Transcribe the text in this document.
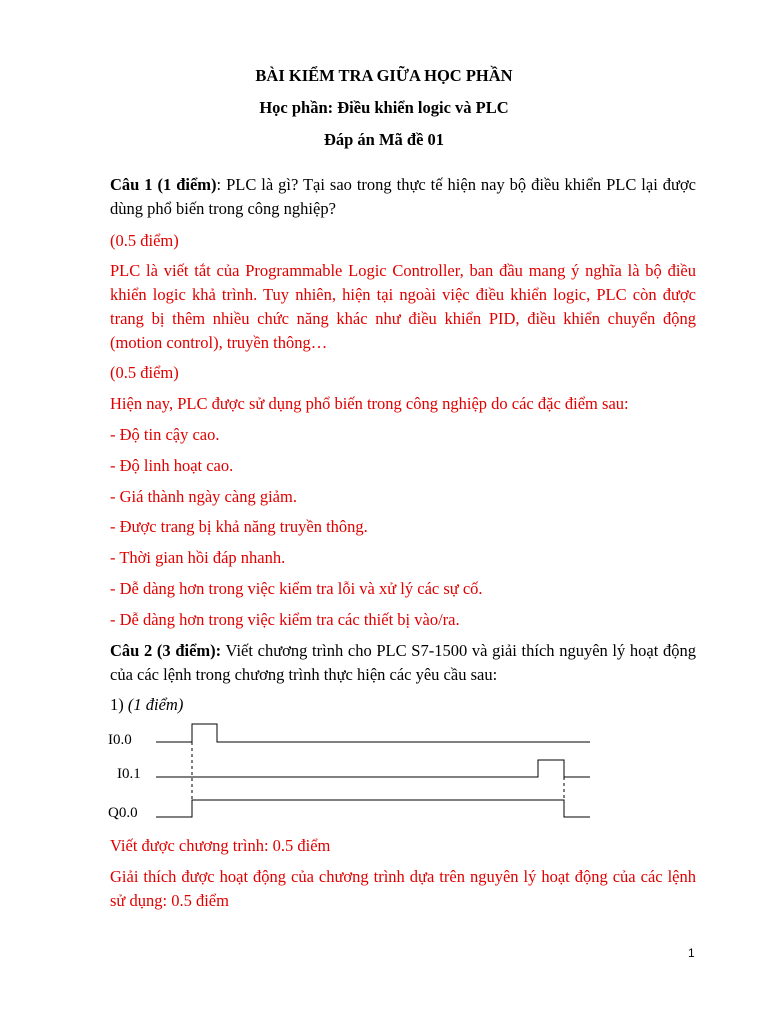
BÀI KIỂM TRA GIỮA HỌC PHẦN
Học phần: Điều khiển logic và PLC
Đáp án Mã đề 01
Câu 1 (1 điểm): PLC là gì? Tại sao trong thực tế hiện nay bộ điều khiển PLC lại được dùng phổ biến trong công nghiệp?
(0.5 điểm)
PLC là viết tắt của Programmable Logic Controller, ban đầu mang ý nghĩa là bộ điều khiển logic khả trình. Tuy nhiên, hiện tại ngoài việc điều khiển logic, PLC còn được trang bị thêm nhiều chức năng khác như điều khiển PID, điều khiển chuyển động (motion control), truyền thông…
(0.5 điểm)
Hiện nay, PLC được sử dụng phổ biến trong công nghiệp do các đặc điểm sau:
- Độ tin cậy cao.
- Độ linh hoạt cao.
- Giá thành ngày càng giảm.
- Được trang bị khả năng truyền thông.
- Thời gian hồi đáp nhanh.
- Dễ dàng hơn trong việc kiểm tra lỗi và xử lý các sự cố.
- Dễ dàng hơn trong việc kiểm tra các thiết bị vào/ra.
Câu 2 (3 điểm): Viết chương trình cho PLC S7-1500 và giải thích nguyên lý hoạt động của các lệnh trong chương trình thực hiện các yêu cầu sau:
1) (1 điểm)
I0.0
I0.1
Q0.0
Viết được chương trình: 0.5 điểm
Giải thích được hoạt động của chương trình dựa trên nguyên lý hoạt động của các lệnh sử dụng: 0.5 điểm
1
